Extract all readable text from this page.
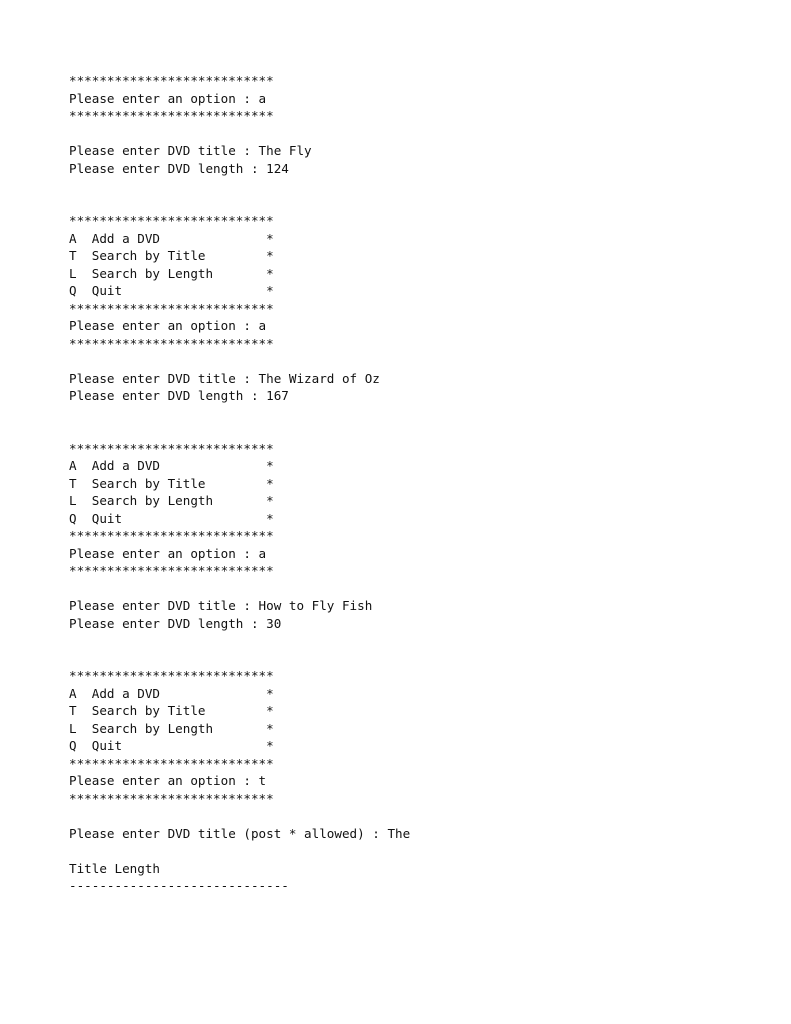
***************************
Please enter an option : a
***************************
Please enter DVD title : The Fly
Please enter DVD length : 124
***************************
A  Add a DVD              *
T  Search by Title        *
L  Search by Length       *
Q  Quit                   *
***************************
Please enter an option : a
***************************
Please enter DVD title : The Wizard of Oz
Please enter DVD length : 167
***************************
A  Add a DVD              *
T  Search by Title        *
L  Search by Length       *
Q  Quit                   *
***************************
Please enter an option : a
***************************
Please enter DVD title : How to Fly Fish
Please enter DVD length : 30
***************************
A  Add a DVD              *
T  Search by Title        *
L  Search by Length       *
Q  Quit                   *
***************************
Please enter an option : t
***************************
Please enter DVD title (post * allowed) : The
Title Length
-----------------------------
